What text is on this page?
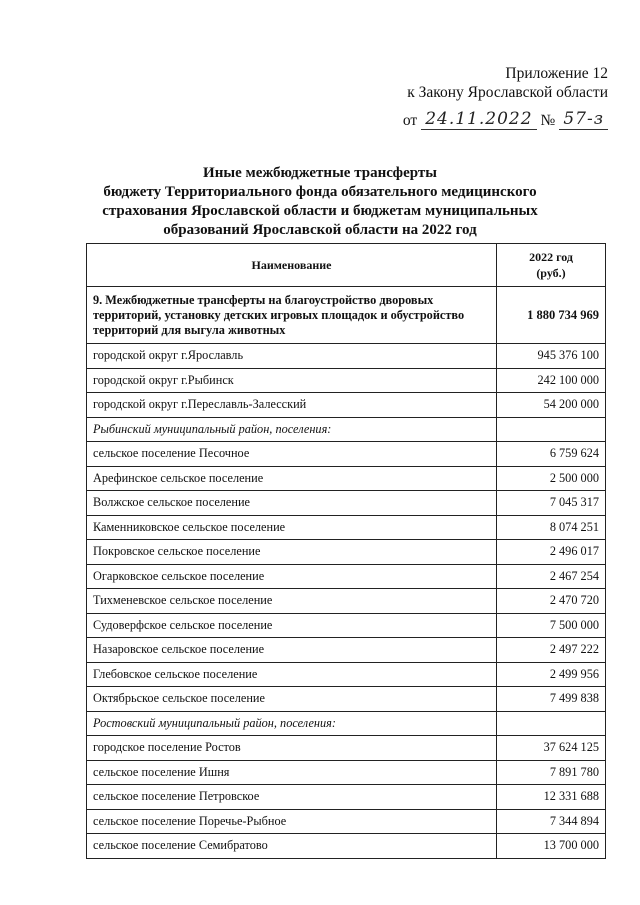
Приложение 12
к Закону Ярославской области
от 24.11.2022 № 57-з
Иные межбюджетные трансферты
бюджету Территориального фонда обязательного медицинского
страхования Ярославской области и бюджетам муниципальных
образований Ярославской области на 2022 год
Наименование	2022 год
(руб.)
9. Межбюджетные трансферты на благоустройство дворовых территорий, установку детских игровых площадок и обустройство территорий для выгула животных	1 880 734 969
городской округ г.Ярославль	945 376 100
городской округ г.Рыбинск	242 100 000
городской округ г.Переславль-Залесский	54 200 000
Рыбинский муниципальный район, поселения:	
сельское поселение Песочное	6 759 624
Арефинское сельское поселение	2 500 000
Волжское сельское поселение	7 045 317
Каменниковское сельское поселение	8 074 251
Покровское сельское поселение	2 496 017
Огарковское сельское поселение	2 467 254
Тихменевское сельское поселение	2 470 720
Судоверфское сельское поселение	7 500 000
Назаровское сельское поселение	2 497 222
Глебовское сельское поселение	2 499 956
Октябрьское сельское поселение	7 499 838
Ростовский муниципальный район, поселения:	
городское поселение Ростов	37 624 125
сельское поселение Ишня	7 891 780
сельское поселение Петровское	12 331 688
сельское поселение Поречье-Рыбное	7 344 894
сельское поселение Семибратово	13 700 000
